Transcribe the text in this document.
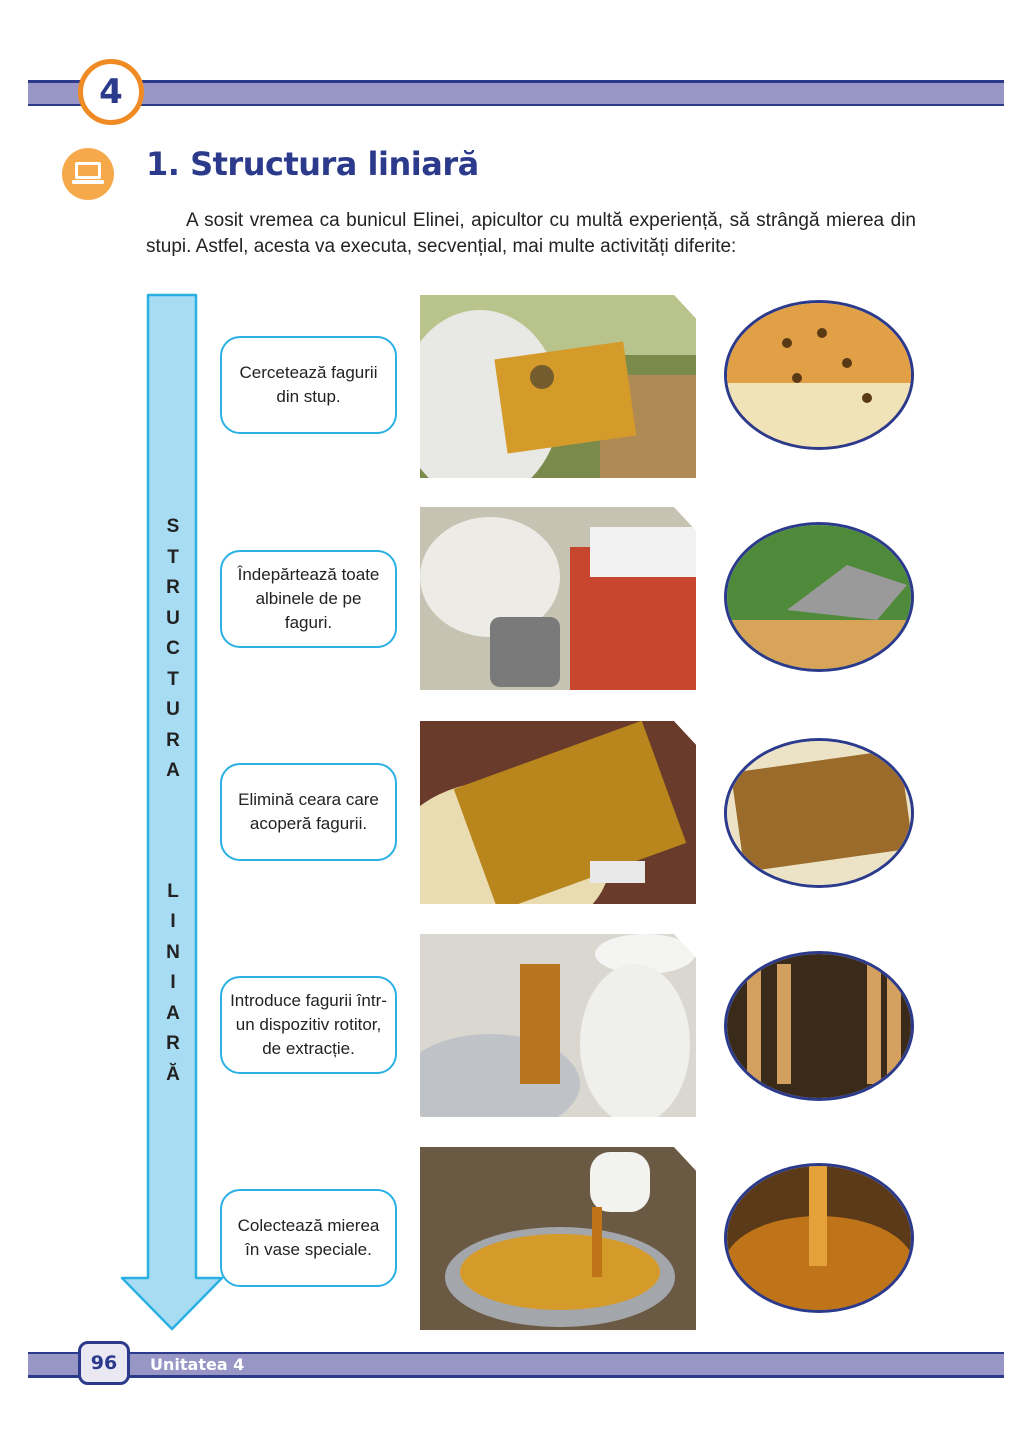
4
1. Structura liniară

A sosit vremea ca bunicul Elinei, apicultor cu multă experiență, să strângă mierea din stupi. Astfel, acesta va executa, secvențial, mai multe activități diferite:

S
T
R
U
C
T
U
R
A
L
I
N
I
A
R
Ă
Cercetează fagurii din stup.
Îndepărtează toate albinele de pe faguri.
Elimină ceara care acoperă fagurii.
Introduce fagurii într-un dispozitiv rotitor, de extracție.
Colectează mierea în vase speciale.
96	Unitatea 4
